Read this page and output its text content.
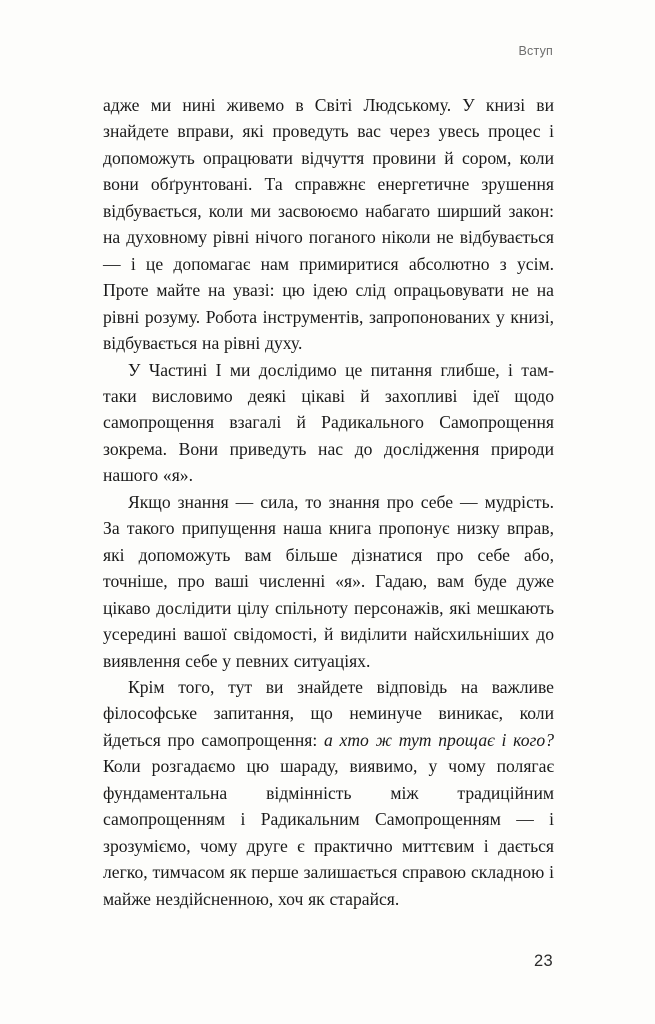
Вступ

адже ми нині живемо в Світі Людському. У книзі ви знайдете вправи, які проведуть вас через увесь процес і допоможуть опрацювати відчуття провини й сором, коли вони обґрунтовані. Та справжнє енергетичне зрушення відбувається, коли ми засвоюємо набагато ширший закон: на духовному рівні нічого поганого ніколи не відбувається — і це допомагає нам примиритися абсолютно з усім. Проте майте на увазі: цю ідею слід опрацьовувати не на рівні розуму. Робота інструментів, запропонованих у книзі, відбувається на рівні духу.

У Частині I ми дослідимо це питання глибше, і там-таки висловимо деякі цікаві й захопливі ідеї щодо самопрощення взагалі й Радикального Самопрощення зокрема. Вони приведуть нас до дослідження природи нашого «я».

Якщо знання — сила, то знання про себе — мудрість. За такого припущення наша книга пропонує низку вправ, які допоможуть вам більше дізнатися про себе або, точніше, про ваші численні «я». Гадаю, вам буде дуже цікаво дослідити цілу спільноту персонажів, які мешкають усередині вашої свідомості, й виділити найсхильніших до виявлення себе у певних ситуаціях.

Крім того, тут ви знайдете відповідь на важливе філософське запитання, що неминуче виникає, коли йдеться про самопрощення: а хто ж тут прощає і кого? Коли розгадаємо цю шараду, виявимо, у чому полягає фундаментальна відмінність між традиційним самопрощенням і Радикальним Самопрощенням — і зрозуміємо, чому друге є практично миттєвим і дається легко, тимчасом як перше залишається справою складною і майже нездійсненною, хоч як старайся.

23
